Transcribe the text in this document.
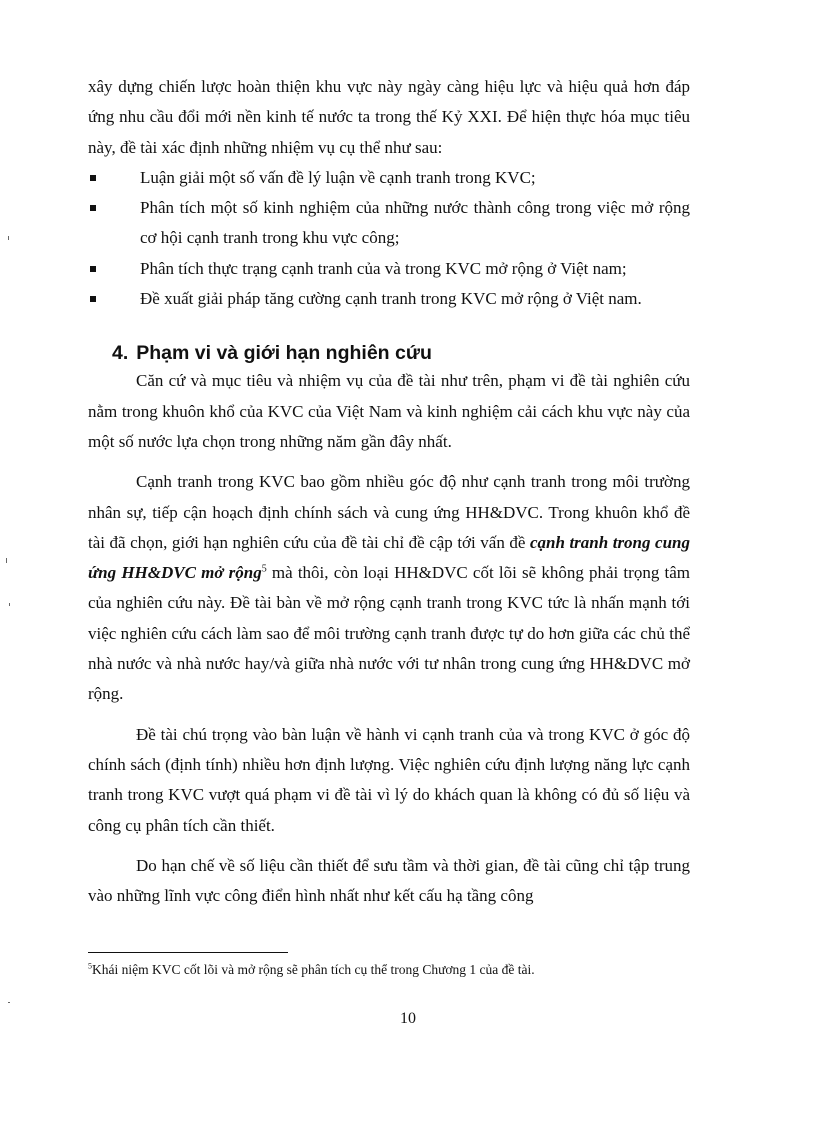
xây dựng chiến lược hoàn thiện khu vực này ngày càng hiệu lực và hiệu quả hơn đáp ứng nhu cầu đổi mới nền kinh tế nước ta trong thế Kỷ XXI. Để hiện thực hóa mục tiêu này, đề tài xác định những nhiệm vụ cụ thể như sau:

Luận giải một số vấn đề lý luận về cạnh tranh trong KVC;
Phân tích một số kinh nghiệm của những nước thành công trong việc mở rộng cơ hội cạnh tranh trong khu vực công;
Phân tích thực trạng cạnh tranh của và trong KVC mở rộng ở Việt nam;
Đề xuất giải pháp tăng cường cạnh tranh trong KVC mở rộng ở Việt nam.
4. Phạm vi và giới hạn nghiên cứu

Căn cứ và mục tiêu và nhiệm vụ của đề tài như trên, phạm vi đề tài nghiên cứu nằm trong khuôn khổ của KVC của Việt Nam và kinh nghiệm cải cách khu vực này của một số nước lựa chọn trong những năm gần đây nhất.

Cạnh tranh trong KVC bao gồm nhiều góc độ như cạnh tranh trong môi trường nhân sự, tiếp cận hoạch định chính sách và cung ứng HH&DVC. Trong khuôn khổ đề tài đã chọn, giới hạn nghiên cứu của đề tài chỉ đề cập tới vấn đề cạnh tranh trong cung ứng HH&DVC mở rộng$^5$ mà thôi, còn loại HH&DVC cốt lõi sẽ không phải trọng tâm của nghiên cứu này. Đề tài bàn về mở rộng cạnh tranh trong KVC tức là nhấn mạnh tới việc nghiên cứu cách làm sao để môi trường cạnh tranh được tự do hơn giữa các chủ thể nhà nước và nhà nước hay/và giữa nhà nước với tư nhân trong cung ứng HH&DVC mở rộng.

Đề tài chú trọng vào bàn luận về hành vi cạnh tranh của và trong KVC ở góc độ chính sách (định tính) nhiều hơn định lượng. Việc nghiên cứu định lượng năng lực cạnh tranh trong KVC vượt quá phạm vi đề tài vì lý do khách quan là không có đủ số liệu và công cụ phân tích cần thiết.

Do hạn chế về số liệu cần thiết để sưu tầm và thời gian, đề tài cũng chỉ tập trung vào những lĩnh vực công điển hình nhất như kết cấu hạ tầng công

$^5$Khái niệm KVC cốt lõi và mở rộng sẽ phân tích cụ thể trong Chương 1 của đề tài.
10
